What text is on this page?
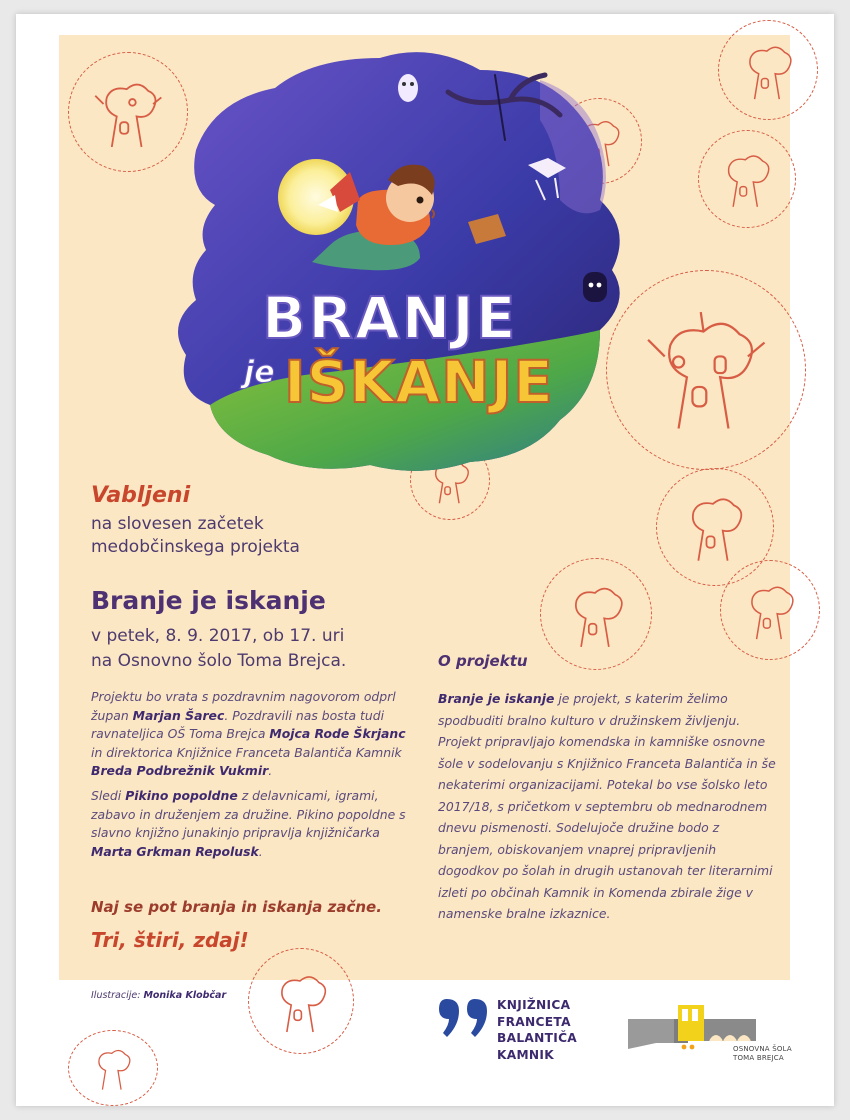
BRANJE
je IŠKANJE
Vabljeni
na slovesen začetek
medobčinskega projekta
Branje je iskanje
v petek, 8. 9. 2017, ob 17. uri
na Osnovno šolo Toma Brejca.

Projektu bo vrata s pozdravnim nagovorom odprl župan Marjan Šarec. Pozdravili nas bosta tudi ravnateljica OŠ Toma Brejca Mojca Rode Škrjanc in direktorica Knjižnice Franceta Balantiča Kamnik Breda Podbrežnik Vukmir.

Sledi Pikino popoldne z delavnicami, igrami, zabavo in druženjem za družine. Pikino popoldne s slavno knjižno junakinjo pripravlja knjižničarka Marta Grkman Repolusk.

Naj se pot branja in iskanja začne.
Tri, štiri, zdaj!
O projektu
Branje je iskanje je projekt, s katerim želimo spodbuditi bralno kulturo v družinskem življenju. Projekt pripravljajo komendska in kamniške osnovne šole v sodelovanju s Knjižnico Franceta Balantiča in še nekaterimi organizacijami. Potekal bo vse šolsko leto 2017/18, s pričetkom v septembru ob mednarodnem dnevu pismenosti. Sodelujoče družine bodo z branjem, obiskovanjem vnaprej pripravljenih dogodkov po šolah in drugih ustanovah ter literarnimi izleti po občinah Kamnik in Komenda zbirale žige v namenske bralne izkaznice.
Ilustracije: Monika Klobčar
KNJIŽNICA
FRANCETA
BALANTIČA
KAMNIK	OSNOVNA ŠOLA
TOMA BREJCA
